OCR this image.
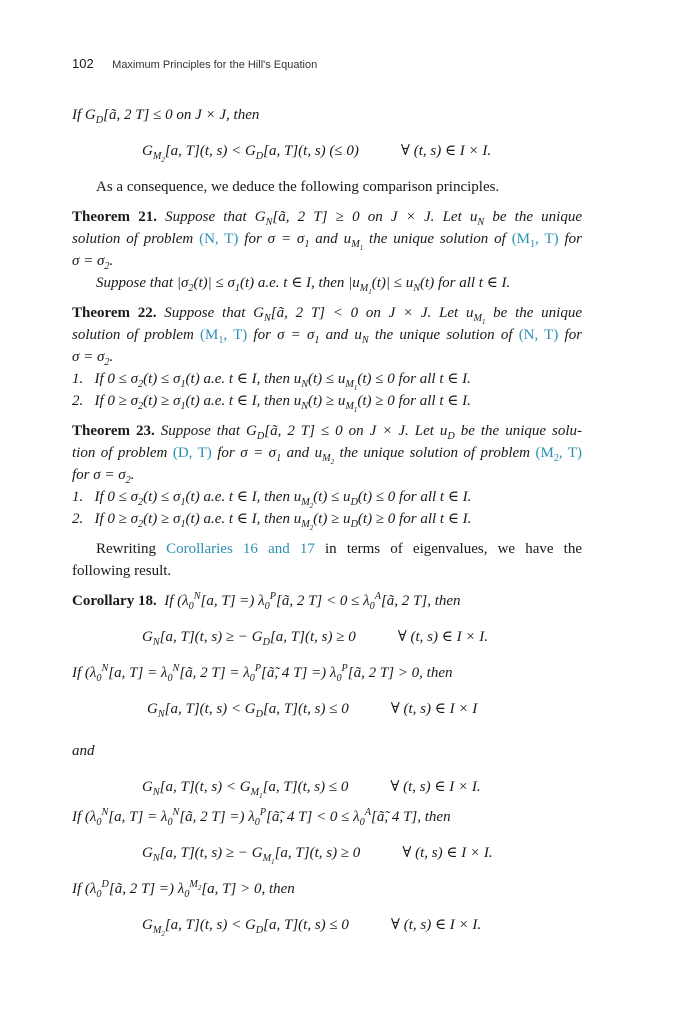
102 Maximum Principles for the Hill's Equation
If $G_D[ã$, 2 T] ≤ 0 on J × J, then
$G_{M_2}[a$, T](t, $s) < G_D[a$, T](t, s) (≤ 0)	∀ (t, s) ∈ I × I.
As a consequence, we deduce the following comparison principles.
Theorem 21. Suppose that $G_N[ã$, 2 T] ≥ 0 on J × J. Let $u_N$ be the unique
solution of problem (N, T) for $\sigma = \sigma_1$ and $u_{M_1}$ the unique solution of ($M_1$, T) for
$\sigma = \sigma_2$.
Suppose that $|\sigma_2(t)| \le \sigma_1(t)$ a.e. t ∈ I, then $|u_{M_1}(t)| \le u_N(t)$ for all t ∈ I.
Theorem 22. Suppose that $G_N[ã$, 2 T] < 0 on J × J. Let $u_{M_1}$ be the unique
solution of problem ($M_1$, T) for $\sigma = \sigma_1$ and $u_N$ the unique solution of (N, T) for
$\sigma = \sigma_2$.
1.   If $0 \le \sigma_2(t) \le \sigma_1(t)$ a.e. t ∈ I, then $u_N(t) \le u_{M_1}(t) \le 0$ for all t ∈ I.
2.   If $0 \ge \sigma_2(t) \ge \sigma_1(t)$ a.e. t ∈ I, then $u_N(t) \ge u_{M_1}(t) \ge 0$ for all t ∈ I.
Theorem 23. Suppose that $G_D[ã$, 2 T] ≤ 0 on J × J. Let $u_D$ be the unique solu-
tion of problem (D, T) for $\sigma = \sigma_1$ and $u_{M_2}$ the unique solution of problem ($M_2$, T)
for $\sigma = \sigma_2$.
1.   If $0 \le \sigma_2(t) \le \sigma_1(t)$ a.e. t ∈ I, then $u_{M_2}(t) \le u_D(t) \le 0$ for all t ∈ I.
2.   If $0 \ge \sigma_2(t) \ge \sigma_1(t)$ a.e. t ∈ I, then $u_{M_2}(t) \ge u_D(t) \ge 0$ for all t ∈ I.
Rewriting Corollaries 16 and 17 in terms of eigenvalues, we have the
following result.
Corollary 18.  If ($\lambda_0^N[a$, T] =) $\lambda_0^P[ã$, 2 $T] < 0 \le \lambda_0^A[ã$, 2 T], then
$G_N[a$, T](t, s) ≥ − $G_D[a$, T](t, s) ≥ 0	∀ (t, s) ∈ I × I.
If ($\lambda_0^N[a$, $T] = \lambda_0^N[ã$, 2 $T] = \lambda_0^P[ã̃$, 4 T] =) $\lambda_0^P[ã$, 2 T] > 0, then
$G_N[a$, T](t, $s) < G_D[a$, T](t, s) ≤ 0	∀ (t, s) ∈ I × I
and
$G_N[a$, T](t, $s) < G_{M_1}[a$, T](t, s) ≤ 0	∀ (t, s) ∈ I × I.
If ($\lambda_0^N[a$, $T] = \lambda_0^N[ã$, 2 T] =) $\lambda_0^P[ã̃$, 4 $T] < 0 \le \lambda_0^A[ã̃$, 4 T], then
$G_N[a$, T](t, s) ≥ − $G_{M_1}[a$, T](t, s) ≥ 0	∀ (t, s) ∈ I × I.
If ($\lambda_0^D[ã$, 2 T] =) $\lambda_0^{M_2}[a$, T] > 0, then
$G_{M_2}[a$, T](t, $s) < G_D[a$, T](t, s) ≤ 0	∀ (t, s) ∈ I × I.
